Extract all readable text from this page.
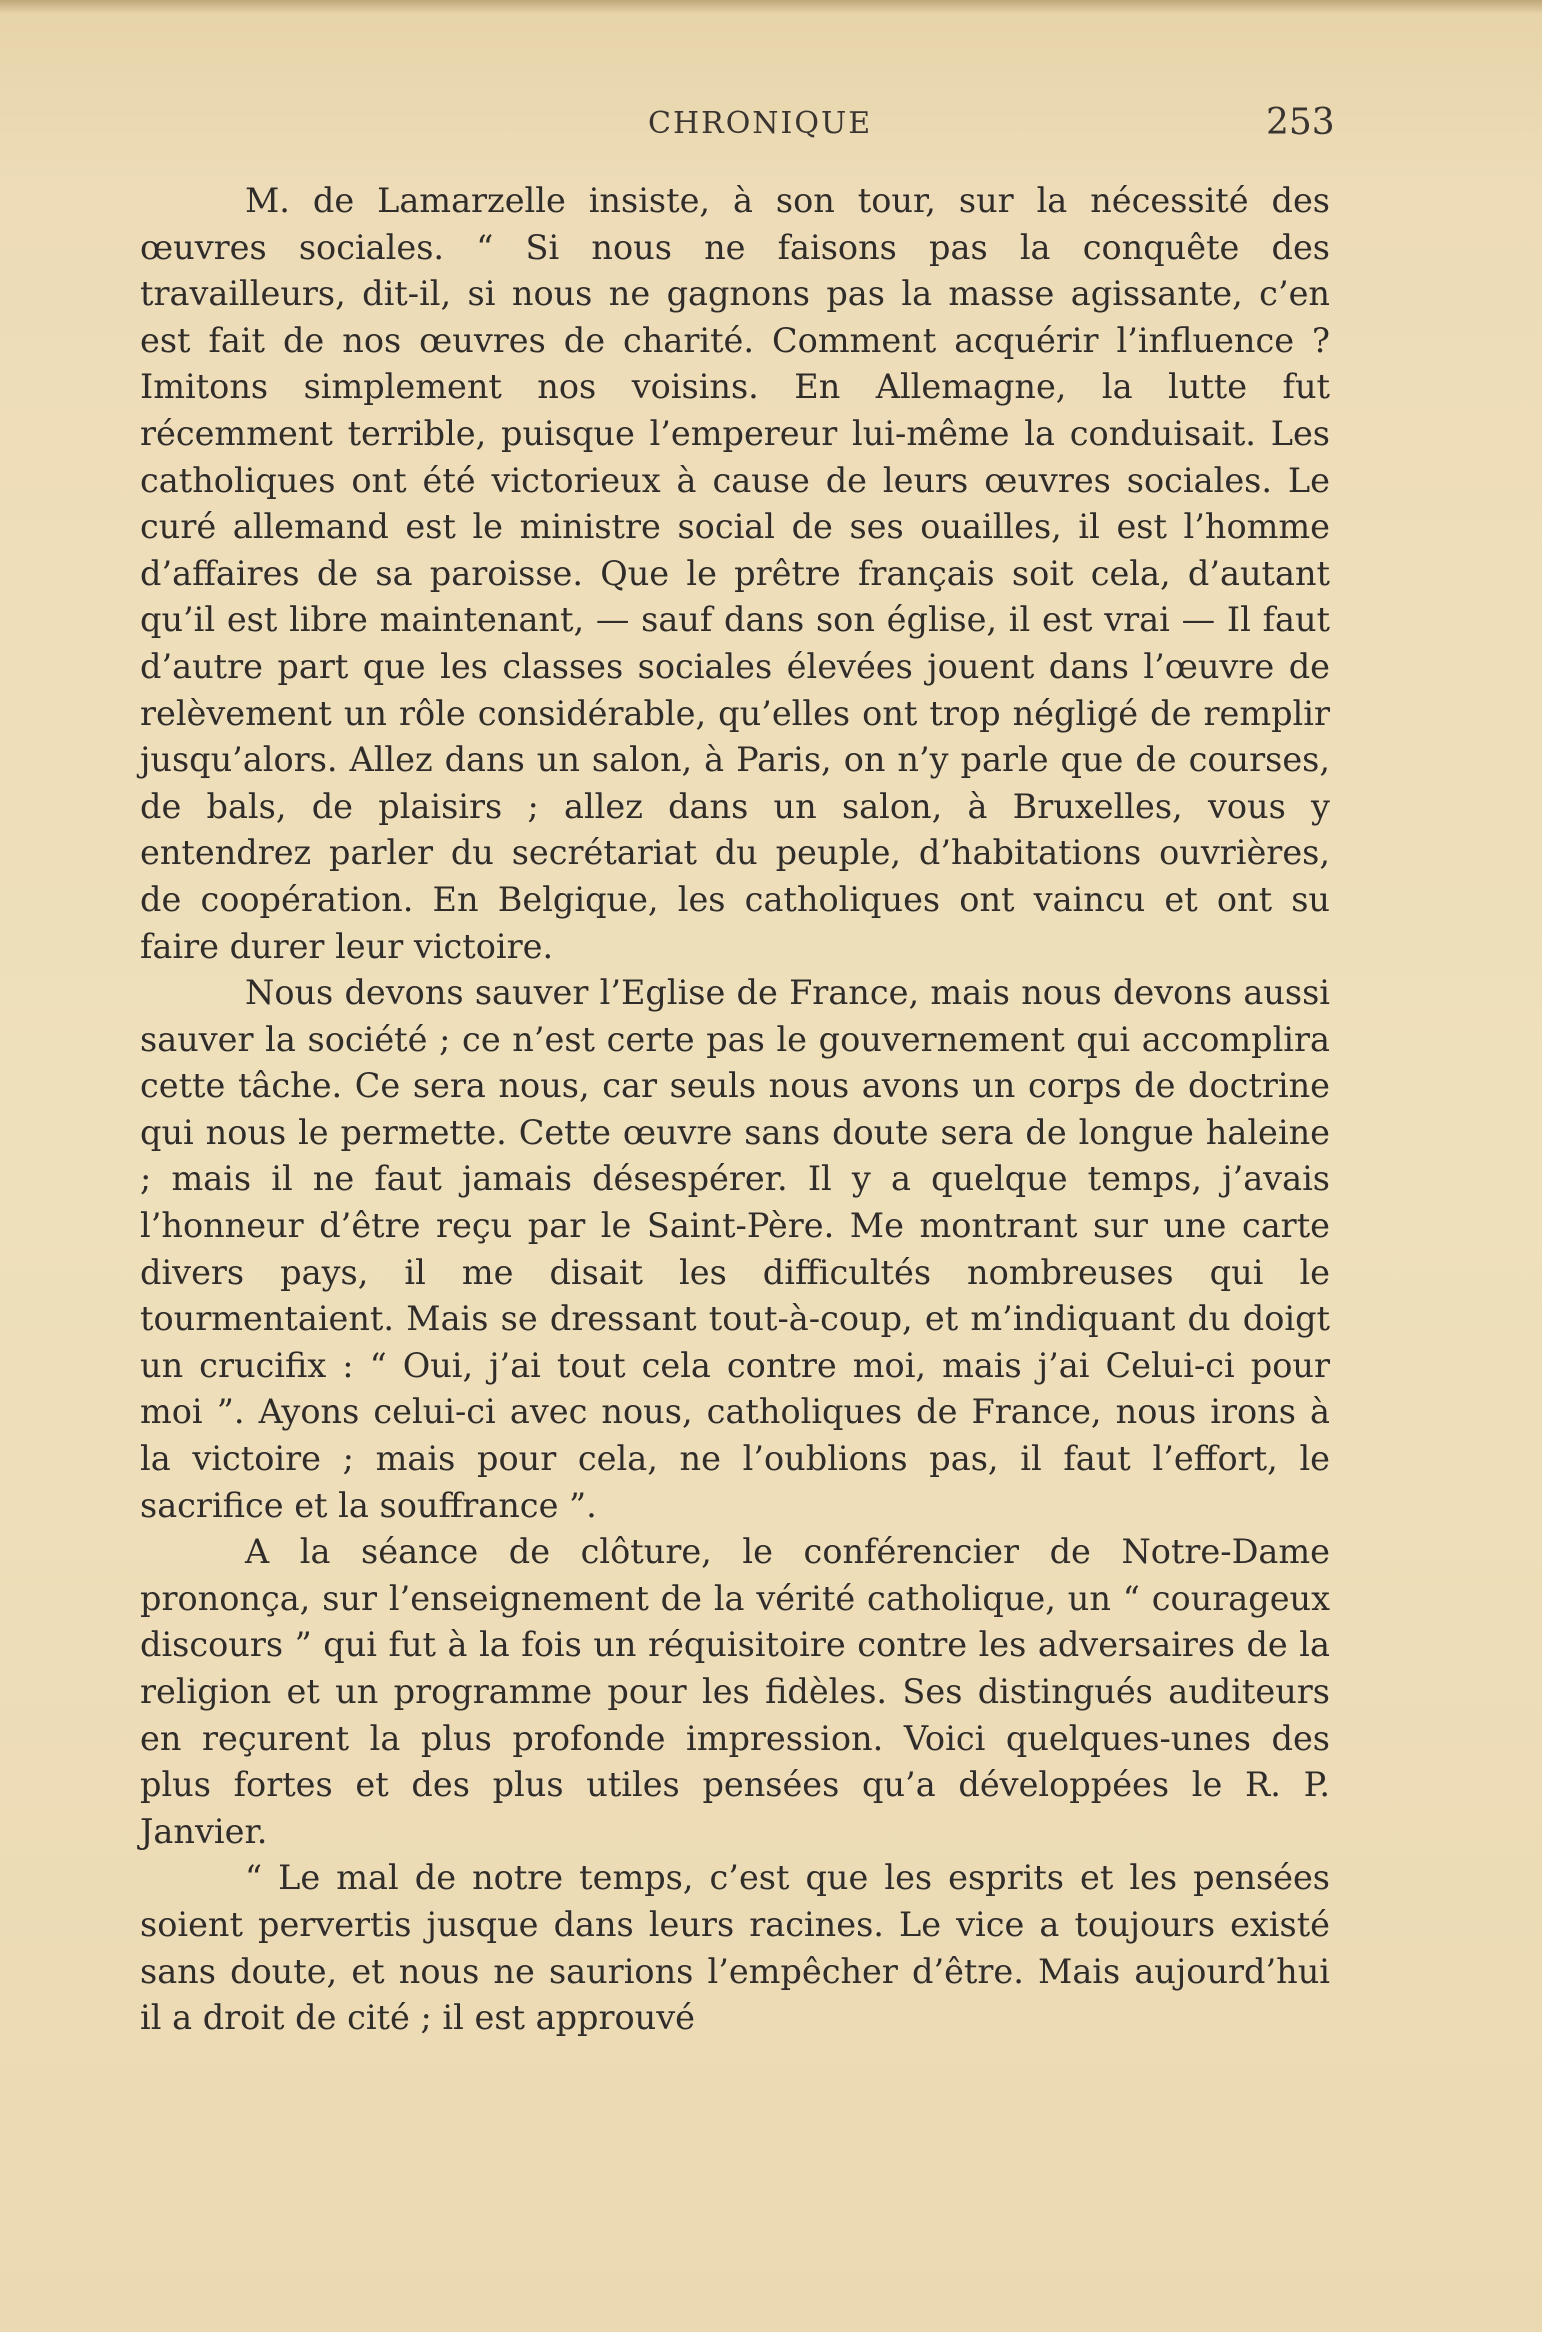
CHRONIQUE	253

M. de Lamarzelle insiste, à son tour, sur la nécessité des œuvres sociales. “ Si nous ne faisons pas la conquête des travailleurs, dit-il, si nous ne gagnons pas la masse agissante, c’en est fait de nos œuvres de charité. Comment acquérir l’influence ? Imitons simplement nos voisins. En Allemagne, la lutte fut récemment terrible, puisque l’empereur lui-même la conduisait. Les catholiques ont été victorieux à cause de leurs œuvres sociales. Le curé allemand est le ministre social de ses ouailles, il est l’homme d’affaires de sa paroisse. Que le prêtre français soit cela, d’autant qu’il est libre maintenant, — sauf dans son église, il est vrai — Il faut d’autre part que les classes sociales élevées jouent dans l’œuvre de relèvement un rôle considérable, qu’elles ont trop négligé de remplir jusqu’alors. Allez dans un salon, à Paris, on n’y parle que de courses, de bals, de plaisirs ; allez dans un salon, à Bruxelles, vous y entendrez parler du secrétariat du peuple, d’habitations ouvrières, de coopération. En Belgique, les catholiques ont vaincu et ont su faire durer leur victoire.

Nous devons sauver l’Eglise de France, mais nous devons aussi sauver la société ; ce n’est certe pas le gouvernement qui accomplira cette tâche. Ce sera nous, car seuls nous avons un corps de doctrine qui nous le permette. Cette œuvre sans doute sera de longue haleine ; mais il ne faut jamais désespérer. Il y a quelque temps, j’avais l’honneur d’être reçu par le Saint-Père. Me montrant sur une carte divers pays, il me disait les difficultés nombreuses qui le tourmentaient. Mais se dressant tout-à-coup, et m’indiquant du doigt un crucifix : “ Oui, j’ai tout cela contre moi, mais j’ai Celui-ci pour moi ”. Ayons celui-ci avec nous, catholiques de France, nous irons à la victoire ; mais pour cela, ne l’oublions pas, il faut l’effort, le sacrifice et la souffrance ”.

A la séance de clôture, le conférencier de Notre-Dame prononça, sur l’enseignement de la vérité catholique, un “ courageux discours ” qui fut à la fois un réquisitoire contre les adversaires de la religion et un programme pour les fidèles. Ses distingués auditeurs en reçurent la plus profonde impression. Voici quelques-unes des plus fortes et des plus utiles pensées qu’a développées le R. P. Janvier.

“ Le mal de notre temps, c’est que les esprits et les pensées soient pervertis jusque dans leurs racines. Le vice a toujours existé sans doute, et nous ne saurions l’empêcher d’être. Mais aujourd’hui il a droit de cité ; il est approuvé
